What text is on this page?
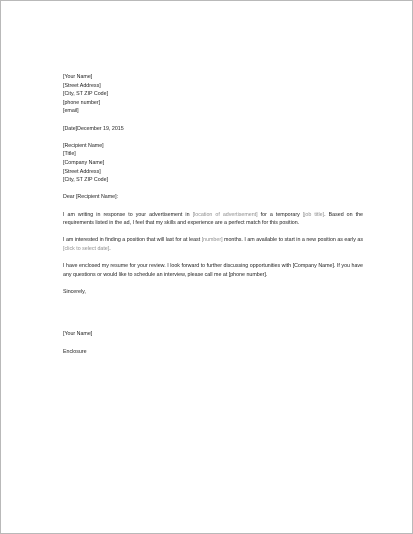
[Your Name]
[Street Address]
[City, ST ZIP Code]
[phone number]
[email]
[Date]December 19, 2015
[Recipient Name]
[Title]
[Company Name]
[Street Address]
[City, ST ZIP Code]
Dear [Recipient Name]:
I am writing in response to your advertisement in [location of advertisement] for a temporary [job title]. Based on the requirements listed in the ad, I feel that my skills and experience are a perfect match for this position.
I am interested in finding a position that will last for at least [number] months. I am available to start in a new position as early as [click to select date].
I have enclosed my resume for your review. I look forward to further discussing opportunities with [Company Name]. If you have any questions or would like to schedule an interview, please call me at [phone number].
Sincerely,
[Your Name]
Enclosure
